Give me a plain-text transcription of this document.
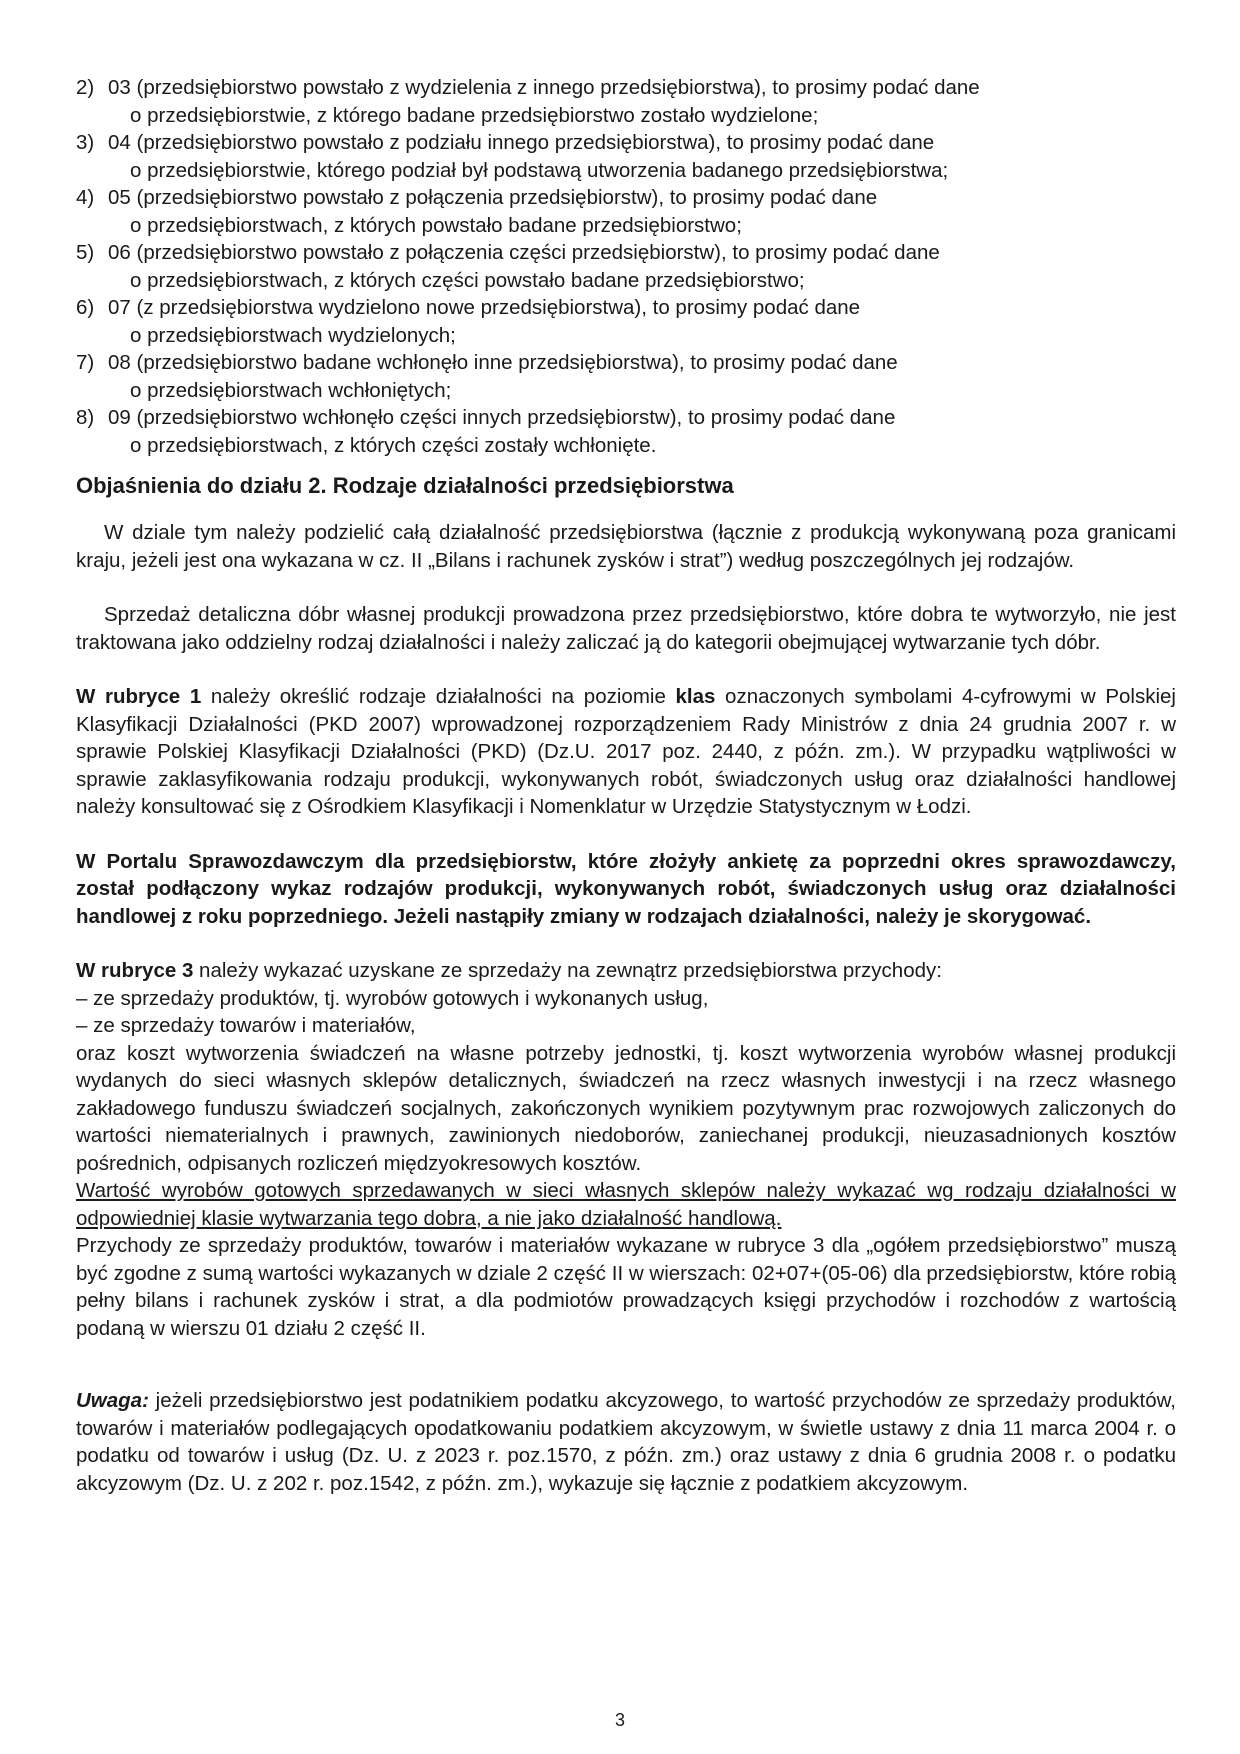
2) 03 (przedsiębiorstwo powstało z wydzielenia z innego przedsiębiorstwa), to prosimy podać dane
o przedsiębiorstwie, z którego badane przedsiębiorstwo zostało wydzielone;
3) 04 (przedsiębiorstwo powstało z podziału innego przedsiębiorstwa), to prosimy podać dane
o przedsiębiorstwie, którego podział był podstawą utworzenia badanego przedsiębiorstwa;
4) 05 (przedsiębiorstwo powstało z połączenia przedsiębiorstw), to prosimy podać dane
o przedsiębiorstwach, z których powstało badane przedsiębiorstwo;
5) 06 (przedsiębiorstwo powstało z połączenia części przedsiębiorstw), to prosimy podać dane
o przedsiębiorstwach, z których części powstało badane przedsiębiorstwo;
6) 07 (z przedsiębiorstwa wydzielono nowe przedsiębiorstwa), to prosimy podać dane
o przedsiębiorstwach wydzielonych;
7) 08 (przedsiębiorstwo badane wchłonęło inne przedsiębiorstwa), to prosimy podać dane
o przedsiębiorstwach wchłoniętych;
8) 09 (przedsiębiorstwo wchłonęło części innych przedsiębiorstw), to prosimy podać dane
o przedsiębiorstwach, z których części zostały wchłonięte.
Objaśnienia do działu 2. Rodzaje działalności przedsiębiorstwa

W dziale tym należy podzielić całą działalność przedsiębiorstwa (łącznie z produkcją wykonywaną poza granicami kraju, jeżeli jest ona wykazana w cz. II „Bilans i rachunek zysków i strat”) według poszczególnych jej rodzajów.

Sprzedaż detaliczna dóbr własnej produkcji prowadzona przez przedsiębiorstwo, które dobra te wytworzyło, nie jest traktowana jako oddzielny rodzaj działalności i należy zaliczać ją do kategorii obejmującej wytwarzanie tych dóbr.

W rubryce 1 należy określić rodzaje działalności na poziomie klas oznaczonych symbolami 4-cyfrowymi w Polskiej Klasyfikacji Działalności (PKD 2007) wprowadzonej rozporządzeniem Rady Ministrów z dnia 24 grudnia 2007 r. w sprawie Polskiej Klasyfikacji Działalności (PKD) (Dz.U. 2017 poz. 2440, z późn. zm.). W przypadku wątpliwości w sprawie zaklasyfikowania rodzaju produkcji, wykonywanych robót, świadczonych usług oraz działalności handlowej należy konsultować się z Ośrodkiem Klasyfikacji i Nomenklatur w Urzędzie Statystycznym w Łodzi.

W Portalu Sprawozdawczym dla przedsiębiorstw, które złożyły ankietę za poprzedni okres sprawozdawczy, został podłączony wykaz rodzajów produkcji, wykonywanych robót, świadczonych usług oraz działalności handlowej z roku poprzedniego. Jeżeli nastąpiły zmiany w rodzajach działalności, należy je skorygować.

W rubryce 3 należy wykazać uzyskane ze sprzedaży na zewnątrz przedsiębiorstwa przychody:

– ze sprzedaży produktów, tj. wyrobów gotowych i wykonanych usług,

– ze sprzedaży towarów i materiałów,

oraz koszt wytworzenia świadczeń na własne potrzeby jednostki, tj. koszt wytworzenia wyrobów własnej produkcji wydanych do sieci własnych sklepów detalicznych, świadczeń na rzecz własnych inwestycji i na rzecz własnego zakładowego funduszu świadczeń socjalnych, zakończonych wynikiem pozytywnym prac rozwojowych zaliczonych do wartości niematerialnych i prawnych, zawinionych niedoborów, zaniechanej produkcji, nieuzasadnionych kosztów pośrednich, odpisanych rozliczeń międzyokresowych kosztów.

Wartość wyrobów gotowych sprzedawanych w sieci własnych sklepów należy wykazać wg rodzaju działalności w odpowiedniej klasie wytwarzania tego dobra, a nie jako działalność handlową.

Przychody ze sprzedaży produktów, towarów i materiałów wykazane w rubryce 3 dla „ogółem przedsiębiorstwo” muszą być zgodne z sumą wartości wykazanych w dziale 2 część II w wierszach: 02+07+(05-06) dla przedsiębiorstw, które robią pełny bilans i rachunek zysków i strat, a dla podmiotów prowadzących księgi przychodów i rozchodów z wartością podaną w wierszu 01 działu 2 część II.

Uwaga: jeżeli przedsiębiorstwo jest podatnikiem podatku akcyzowego, to wartość przychodów ze sprzedaży produktów, towarów i materiałów podlegających opodatkowaniu podatkiem akcyzowym, w świetle ustawy z dnia 11 marca 2004 r. o podatku od towarów i usług (Dz. U. z 2023 r. poz.1570, z późn. zm.) oraz ustawy z dnia 6 grudnia 2008 r. o podatku akcyzowym (Dz. U. z 202 r. poz.1542, z późn. zm.), wykazuje się łącznie z podatkiem akcyzowym.

3
